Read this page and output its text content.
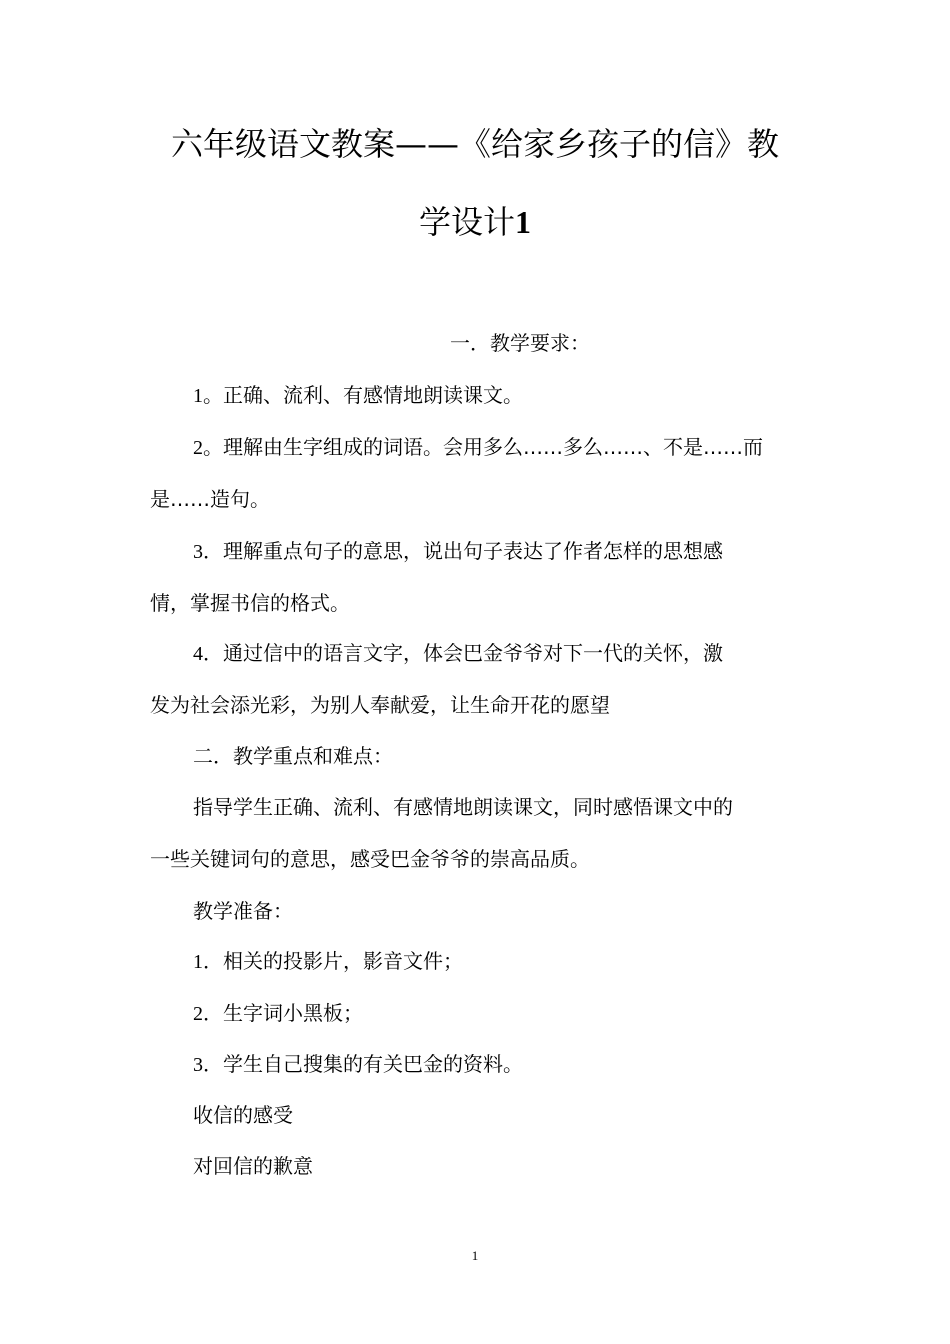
六年级语文教案——《给家乡孩子的信》教
学设计1
一．教学要求：
1。正确、流利、有感情地朗读课文。
2。理解由生字组成的词语。会用多么……多么……、不是……而
是……造句。
3．理解重点句子的意思，说出句子表达了作者怎样的思想感
情，掌握书信的格式。
4．通过信中的语言文字，体会巴金爷爷对下一代的关怀，激
发为社会添光彩，为别人奉献爱，让生命开花的愿望
二．教学重点和难点：
指导学生正确、流利、有感情地朗读课文，同时感悟课文中的
一些关键词句的意思，感受巴金爷爷的崇高品质。
教学准备：
1．相关的投影片，影音文件；
2．生字词小黑板；
3．学生自己搜集的有关巴金的资料。
收信的感受
对回信的歉意
1
